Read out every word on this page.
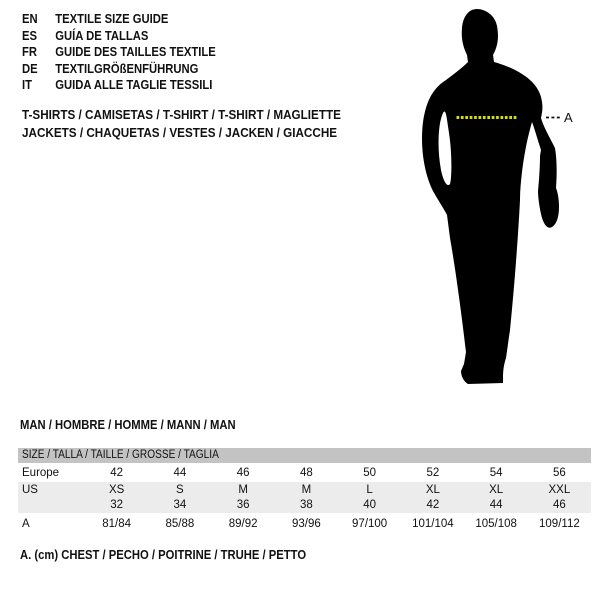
EN TEXTILE SIZE GUIDE
ES GUÍA DE TALLAS
FR GUIDE DES TAILLES TEXTILE
DE TEXTILGRÖßENFÜHRUNG
IT GUIDA ALLE TAGLIE TESSILI
T-SHIRTS / CAMISETAS / T-SHIRT / T-SHIRT / MAGLIETTE
JACKETS / CHAQUETAS / VESTES / JACKEN / GIACCHE
A
MAN / HOMBRE / HOMME / MANN / MAN
SIZE / TALLA / TAILLE / GRÖSSE / TAGLIA
Europe	42	44	46	48	50	52	54	56
US	XS	S	M	M	L	XL	XL	XXL
32	34	36	38	40	42	44	46
A	81/84	85/88	89/92	93/96	97/100	101/104	105/108	109/112
A. (cm) CHEST / PECHO / POITRINE / TRUHE / PETTO
